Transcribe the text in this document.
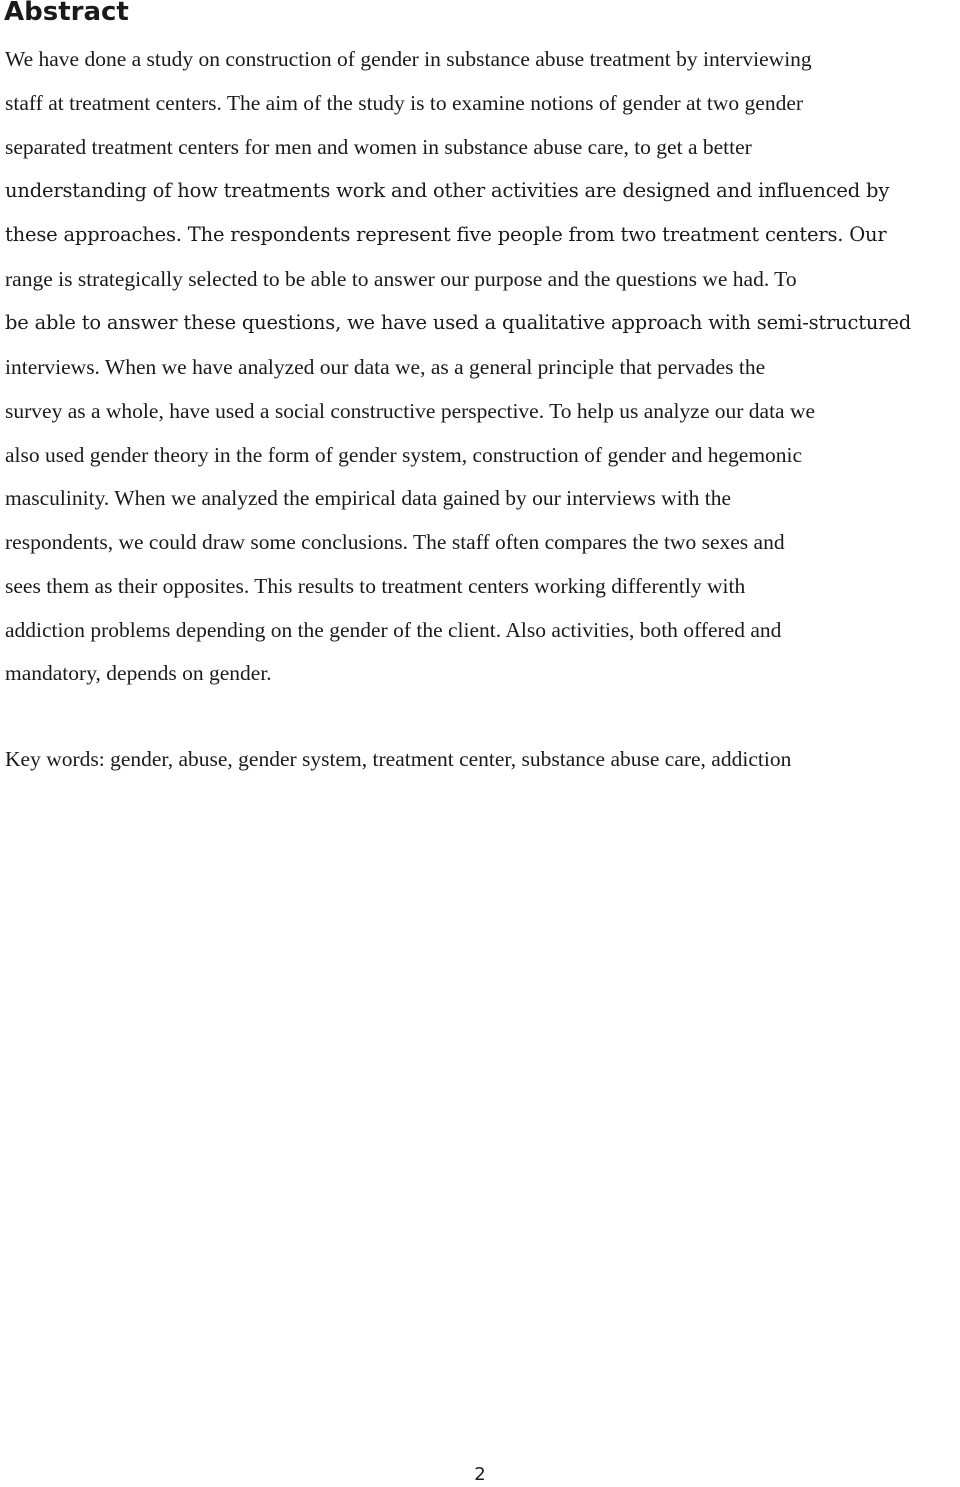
Abstract

We have done a study on construction of gender in substance abuse treatment by interviewing

staff at treatment centers. The aim of the study is to examine notions of gender at two gender

separated treatment centers for men and women in substance abuse care, to get a better

understanding of how treatments work and other activities are designed and influenced by

these approaches. The respondents represent five people from two treatment centers. Our

range is strategically selected to be able to answer our purpose and the questions we had. To

be able to answer these questions, we have used a qualitative approach with semi-structured

interviews. When we have analyzed our data we, as a general principle that pervades the

survey as a whole, have used a social constructive perspective. To help us analyze our data we

also used gender theory in the form of gender system, construction of gender and hegemonic

masculinity. When we analyzed the empirical data gained by our interviews with the

respondents, we could draw some conclusions. The staff often compares the two sexes and

sees them as their opposites. This results to treatment centers working differently with

addiction problems depending on the gender of the client. Also activities, both offered and

mandatory, depends on gender.

Key words: gender, abuse, gender system, treatment center, substance abuse care, addiction

2
